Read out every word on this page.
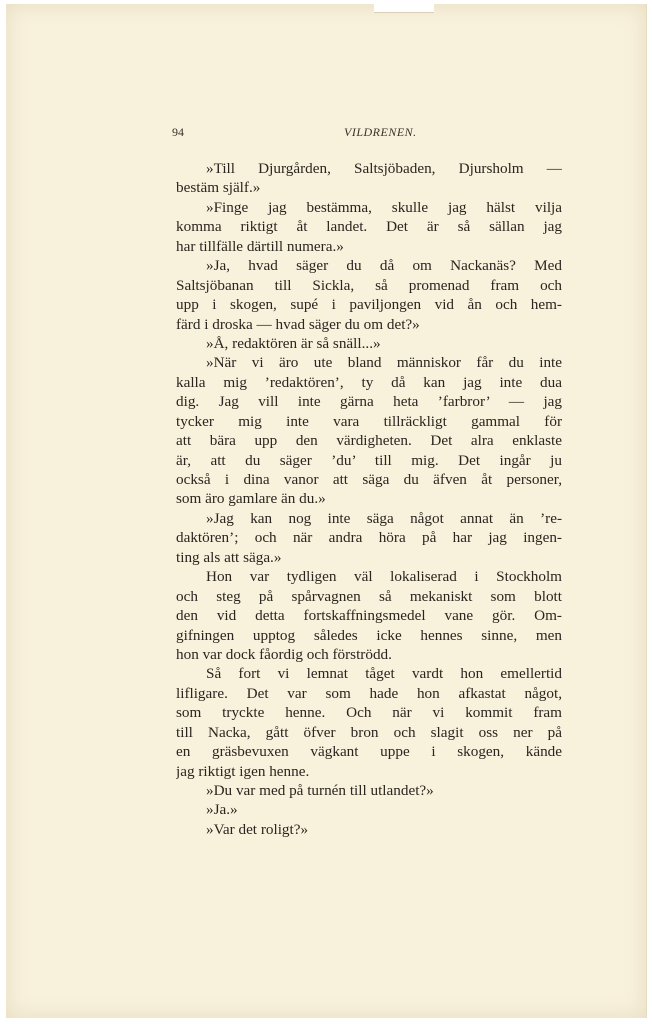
94	VILDRENEN.
»Till Djurgården, Saltsjöbaden, Djursholm —
bestäm själf.»
»Finge jag bestämma, skulle jag hälst vilja
komma riktigt åt landet. Det är så sällan jag
har tillfälle därtill numera.»
»Ja, hvad säger du då om Nackanäs? Med
Saltsjöbanan till Sickla, så promenad fram och
upp i skogen, supé i paviljongen vid ån och hem-
färd i droska — hvad säger du om det?»
»Å, redaktören är så snäll...»
»När vi äro ute bland människor får du inte
kalla mig ’redaktören’, ty då kan jag inte dua
dig. Jag vill inte gärna heta ’farbror’ — jag
tycker mig inte vara tillräckligt gammal för
att bära upp den värdigheten. Det alra enklaste
är, att du säger ’du’ till mig. Det ingår ju
också i dina vanor att säga du äfven åt personer,
som äro gamlare än du.»
»Jag kan nog inte säga något annat än ’re-
daktören’; och när andra höra på har jag ingen-
ting als att säga.»
Hon var tydligen väl lokaliserad i Stockholm
och steg på spårvagnen så mekaniskt som blott
den vid detta fortskaffningsmedel vane gör. Om-
gifningen upptog således icke hennes sinne, men
hon var dock fåordig och förströdd.
Så fort vi lemnat tåget vardt hon emellertid
lifligare. Det var som hade hon afkastat något,
som tryckte henne. Och när vi kommit fram
till Nacka, gått öfver bron och slagit oss ner på
en gräsbevuxen vägkant uppe i skogen, kände
jag riktigt igen henne.
»Du var med på turnén till utlandet?»
»Ja.»
»Var det roligt?»
